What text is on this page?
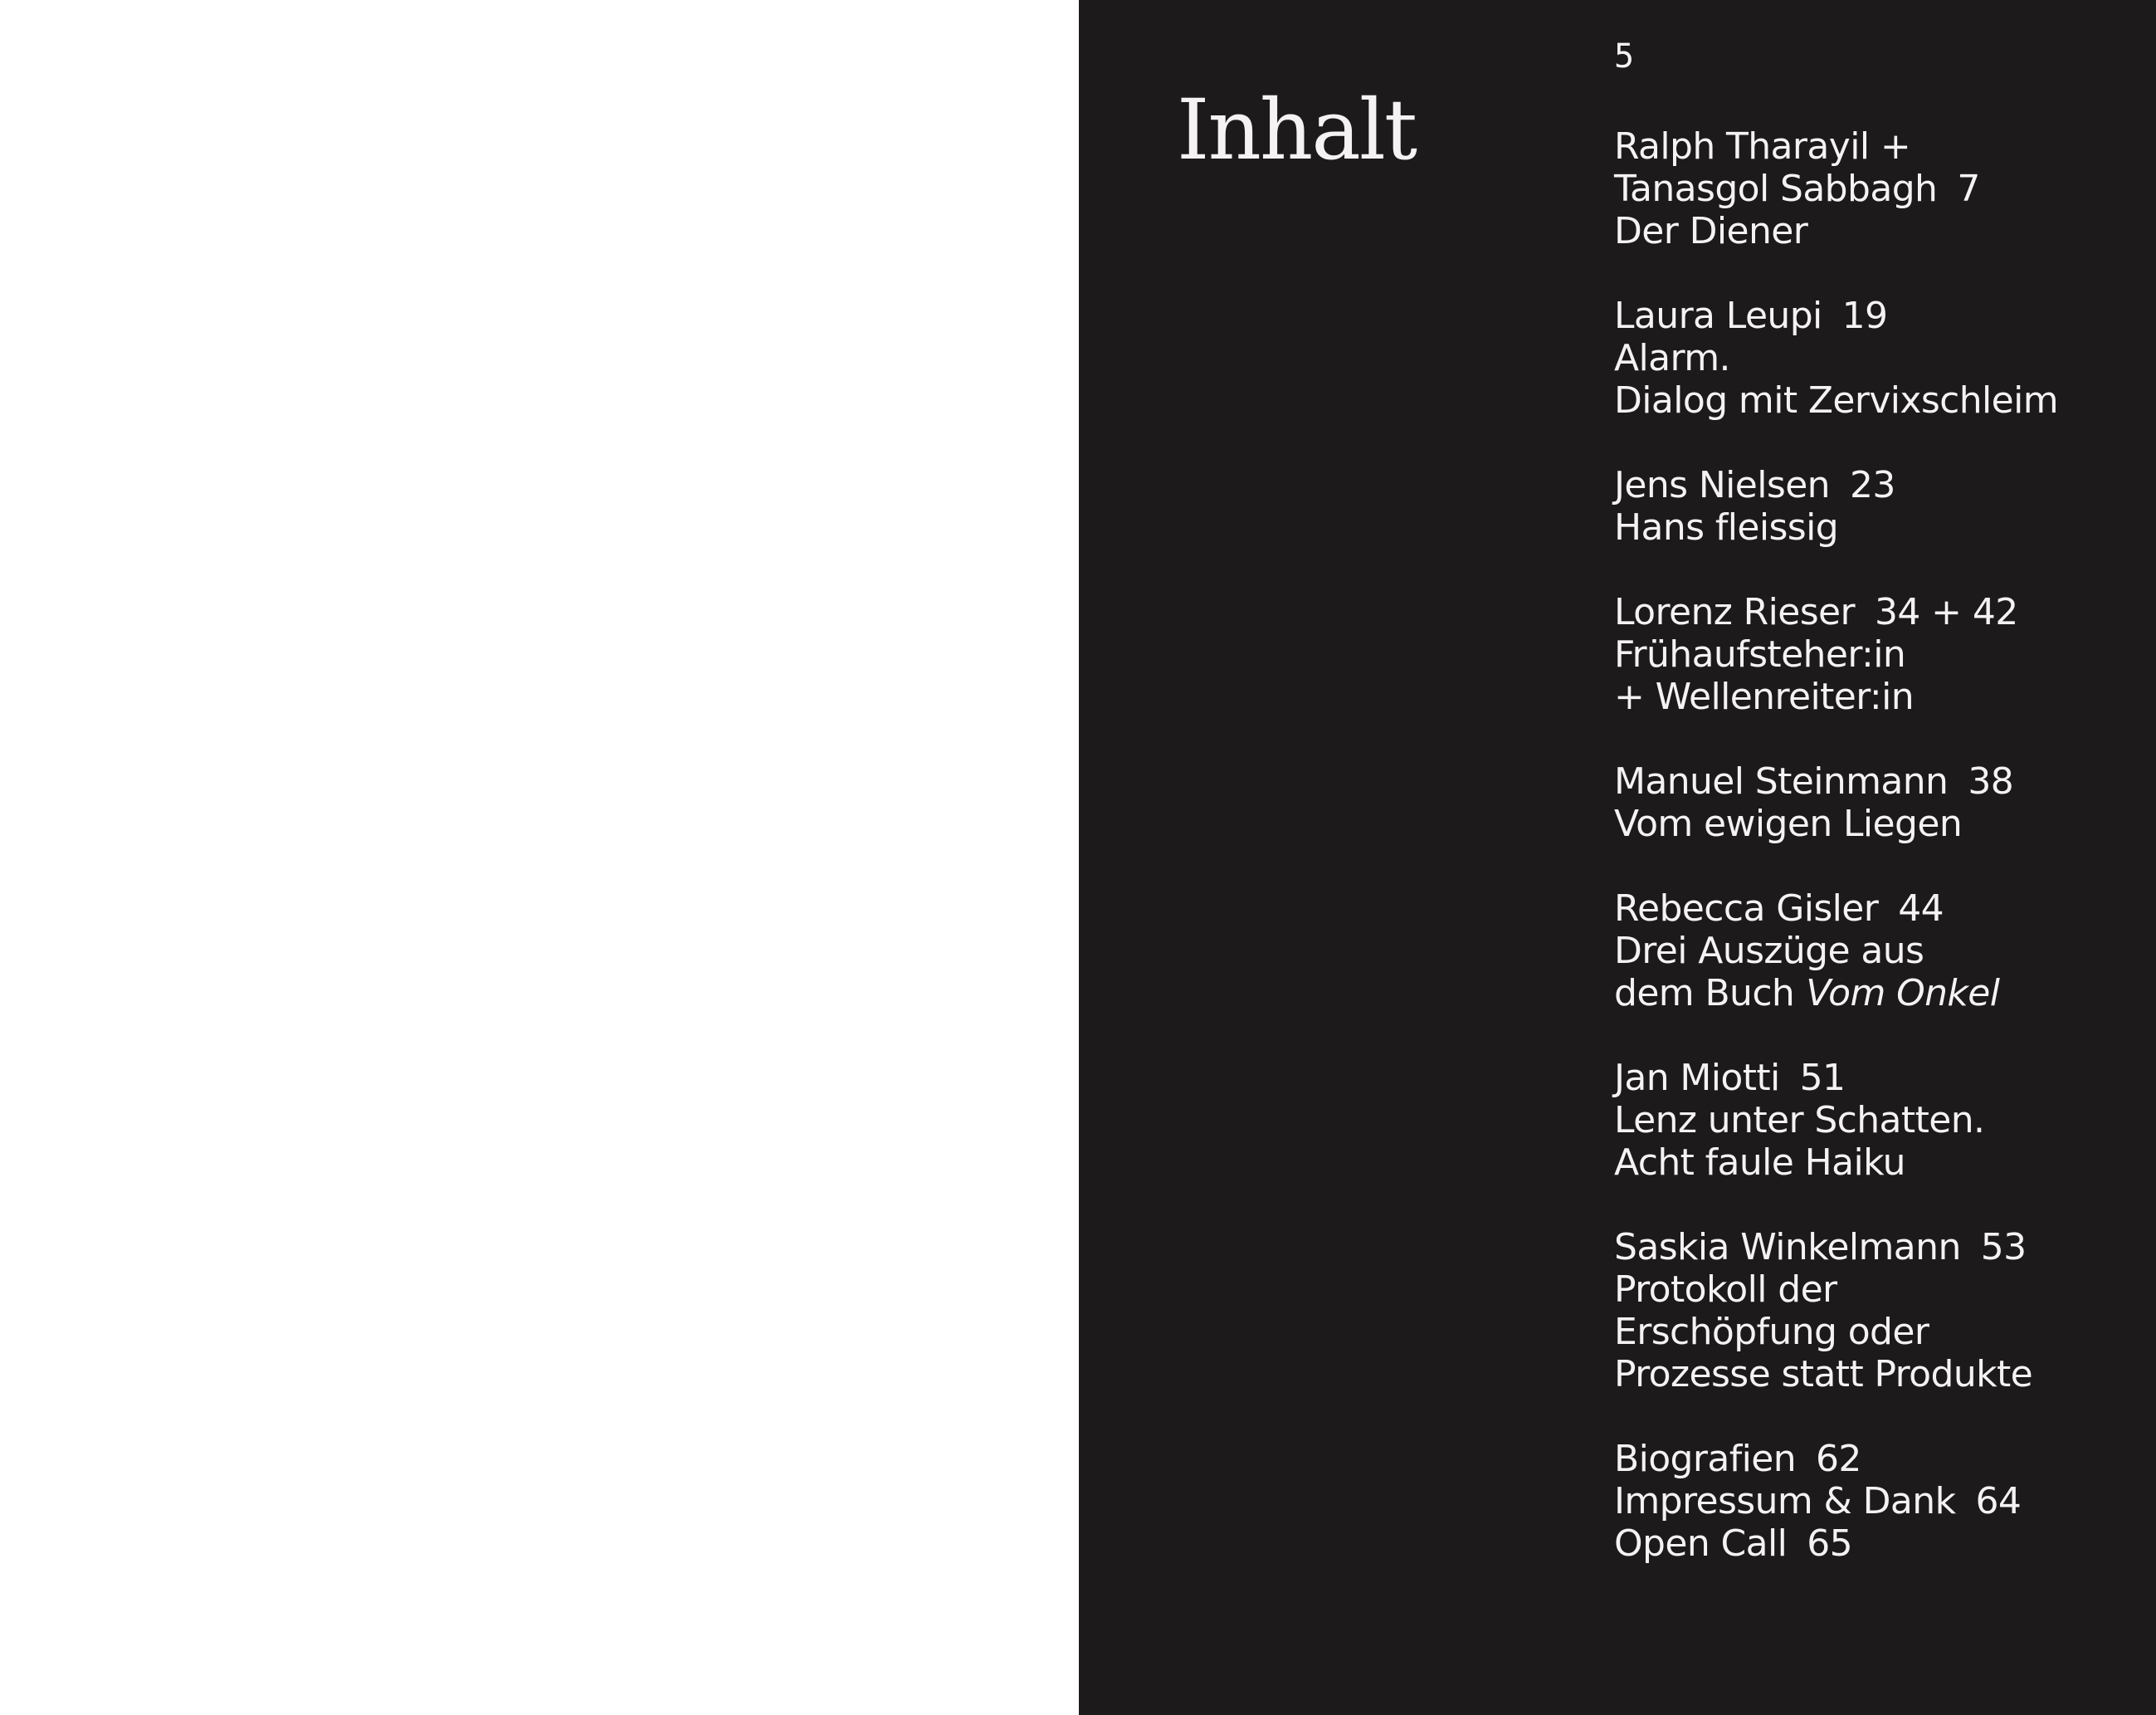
5
Inhalt	Ralph Tharayil +
Tanasgol Sabbagh 7
Der Diener
Laura Leupi 19
Alarm.
Dialog mit Zervixschleim
Jens Nielsen 23
Hans fleissig
Lorenz Rieser 34 + 42
Frühaufsteher:in
+ Wellenreiter:in
Manuel Steinmann 38
Vom ewigen Liegen
Rebecca Gisler 44
Drei Auszüge aus
dem Buch Vom Onkel
Jan Miotti 51
Lenz unter Schatten.
Acht faule Haiku
Saskia Winkelmann 53
Protokoll der
Erschöpfung oder
Prozesse statt Produkte
Biografien 62
Impressum & Dank 64
Open Call 65
